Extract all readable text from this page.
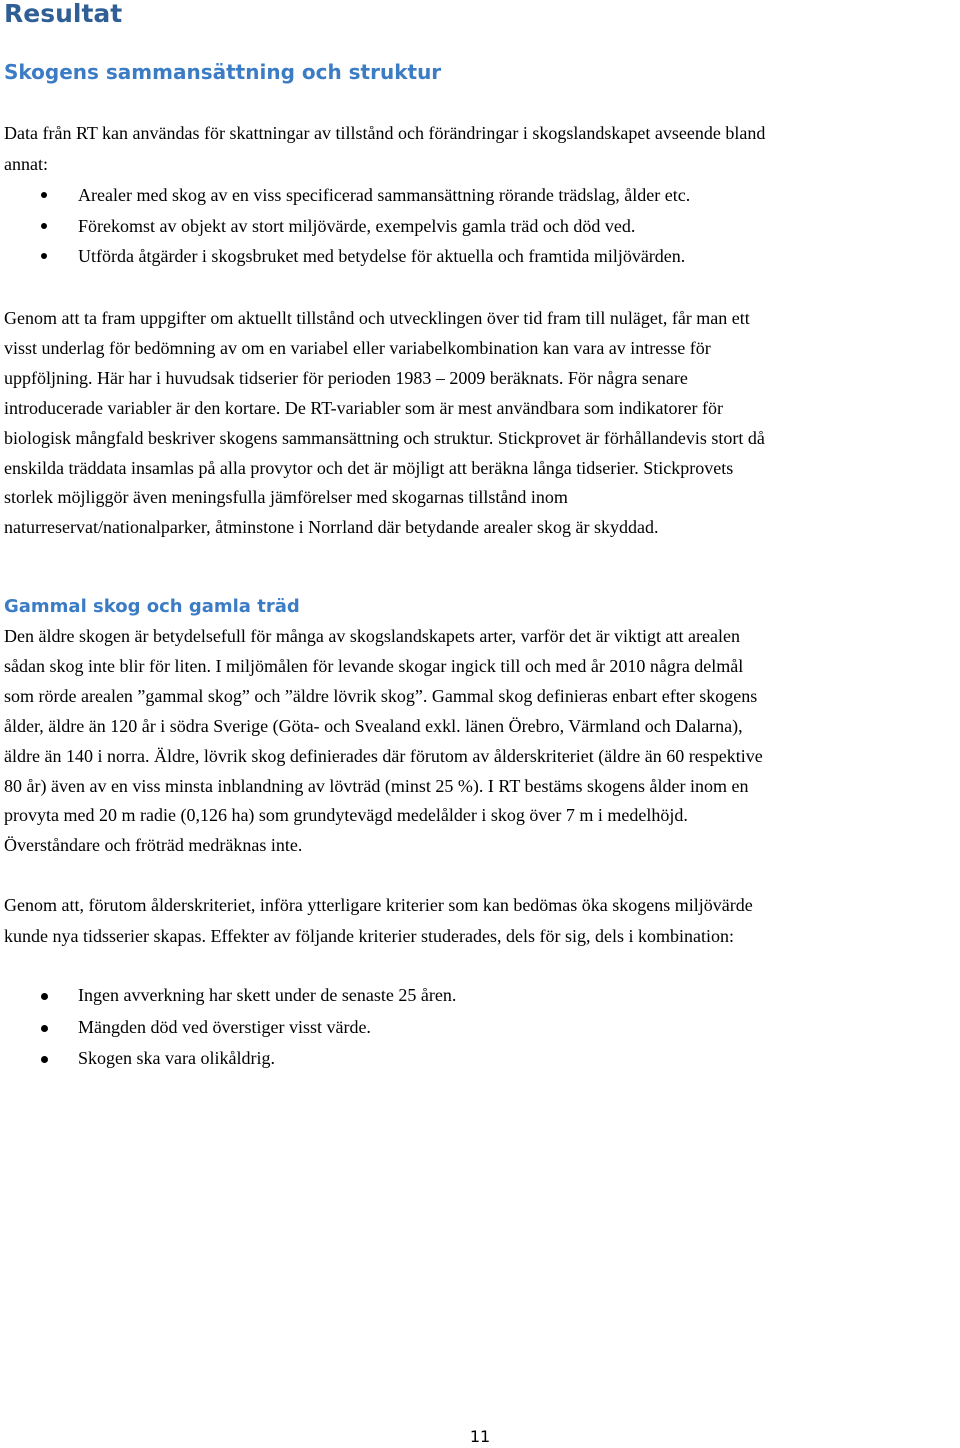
Resultat
Skogens sammansättning och struktur

Data från RT kan användas för skattningar av tillstånd och förändringar i skogslandskapet avseende bland
annat:

Arealer med skog av en viss specificerad sammansättning rörande trädslag, ålder etc.
Förekomst av objekt av stort miljövärde, exempelvis gamla träd och död ved.
Utförda åtgärder i skogsbruket med betydelse för aktuella och framtida miljövärden.

Genom att ta fram uppgifter om aktuellt tillstånd och utvecklingen över tid fram till nuläget, får man ett
visst underlag för bedömning av om en variabel eller variabelkombination kan vara av intresse för
uppföljning. Här har i huvudsak tidserier för perioden 1983 – 2009 beräknats. För några senare
introducerade variabler är den kortare. De RT-variabler som är mest användbara som indikatorer för
biologisk mångfald beskriver skogens sammansättning och struktur. Stickprovet är förhållandevis stort då
enskilda träddata insamlas på alla provytor och det är möjligt att beräkna långa tidserier. Stickprovets
storlek möjliggör även meningsfulla jämförelser med skogarnas tillstånd inom
naturreservat/nationalparker, åtminstone i Norrland där betydande arealer skog är skyddad.

Gammal skog och gamla träd

Den äldre skogen är betydelsefull för många av skogslandskapets arter, varför det är viktigt att arealen
sådan skog inte blir för liten. I miljömålen för levande skogar ingick till och med år 2010 några delmål
som rörde arealen ”gammal skog” och ”äldre lövrik skog”. Gammal skog definieras enbart efter skogens
ålder, äldre än 120 år i södra Sverige (Göta- och Svealand exkl. länen Örebro, Värmland och Dalarna),
äldre än 140 i norra. Äldre, lövrik skog definierades där förutom av ålderskriteriet (äldre än 60 respektive
80 år) även av en viss minsta inblandning av lövträd (minst 25 %). I RT bestäms skogens ålder inom en
provyta med 20 m radie (0,126 ha) som grundytevägd medelålder i skog över 7 m i medelhöjd.
Överståndare och fröträd medräknas inte.

Genom att, förutom ålderskriteriet, införa ytterligare kriterier som kan bedömas öka skogens miljövärde
kunde nya tidsserier skapas. Effekter av följande kriterier studerades, dels för sig, dels i kombination:

Ingen avverkning har skett under de senaste 25 åren.
Mängden död ved överstiger visst värde.
Skogen ska vara olikåldrig.
11
